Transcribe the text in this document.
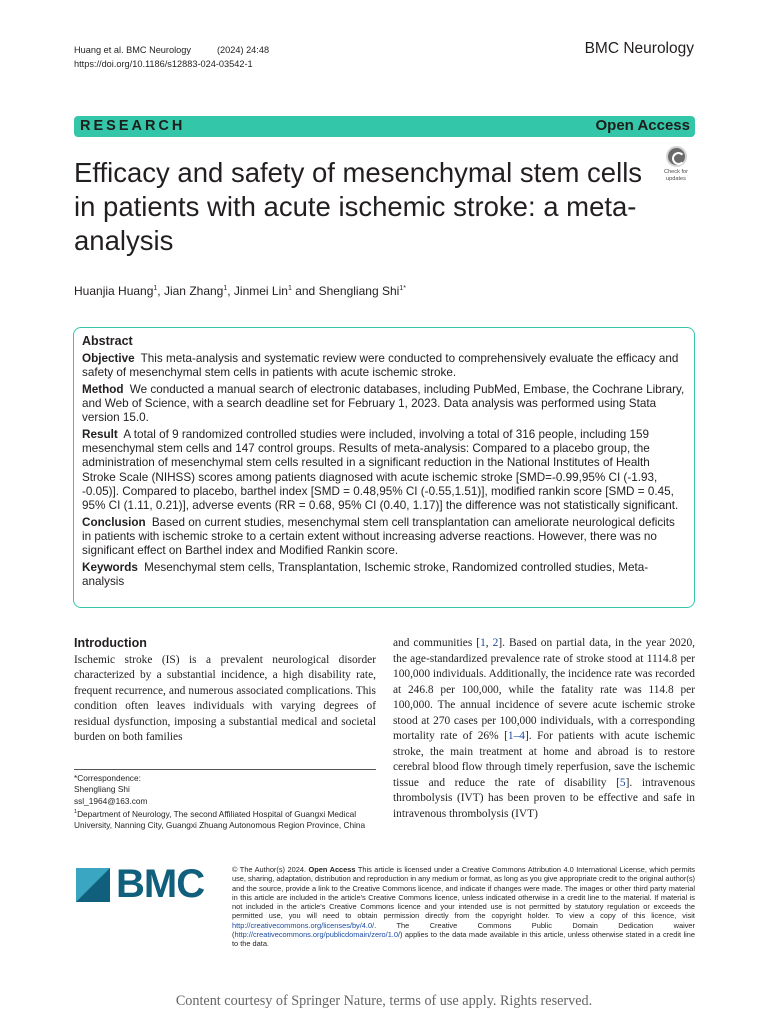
Huang et al. BMC Neurology	(2024) 24:48
https://doi.org/10.1186/s12883-024-03542-1
BMC Neurology
RESEARCH	Open Access
Efficacy and safety of mesenchymal stem cells in patients with acute ischemic stroke: a meta-analysis
Check for
updates
Huanjia Huang$^1$, Jian Zhang$^1$, Jinmei Lin$^1$ and Shengliang Shi$^{1*}$
Abstract

Objective This meta-analysis and systematic review were conducted to comprehensively evaluate the efficacy and safety of mesenchymal stem cells in patients with acute ischemic stroke.

Method We conducted a manual search of electronic databases, including PubMed, Embase, the Cochrane Library, and Web of Science, with a search deadline set for February 1, 2023. Data analysis was performed using Stata version 15.0.

Result A total of 9 randomized controlled studies were included, involving a total of 316 people, including 159 mesenchymal stem cells and 147 control groups. Results of meta-analysis: Compared to a placebo group, the administration of mesenchymal stem cells resulted in a significant reduction in the National Institutes of Health Stroke Scale (NIHSS) scores among patients diagnosed with acute ischemic stroke [SMD=-0.99,95% CI (-1.93, -0.05)]. Compared to placebo, barthel index [SMD = 0.48,95% CI (-0.55,1.51)], modified rankin score [SMD = 0.45, 95% CI (1.11, 0.21)], adverse events (RR = 0.68, 95% CI (0.40, 1.17)] the difference was not statistically significant.

Conclusion Based on current studies, mesenchymal stem cell transplantation can ameliorate neurological deficits in patients with ischemic stroke to a certain extent without increasing adverse reactions. However, there was no significant effect on Barthel index and Modified Rankin score.

Keywords Mesenchymal stem cells, Transplantation, Ischemic stroke, Randomized controlled studies, Meta-analysis

Introduction

Ischemic stroke (IS) is a prevalent neurological disorder characterized by a substantial incidence, a high disability rate, frequent recurrence, and numerous associated complications. This condition often leaves individuals with varying degrees of residual dysfunction, imposing a substantial medical and societal burden on both families

and communities [1, 2]. Based on partial data, in the year 2020, the age-standardized prevalence rate of stroke stood at 1114.8 per 100,000 individuals. Additionally, the incidence rate was recorded at 246.8 per 100,000, while the fatality rate was 114.8 per 100,000. The annual incidence of severe acute ischemic stroke stood at 270 cases per 100,000 individuals, with a corresponding mortality rate of 26% [1–4]. For patients with acute ischemic stroke, the main treatment at home and abroad is to restore cerebral blood flow through timely reperfusion, save the ischemic tissue and reduce the rate of disability [5]. intravenous thrombolysis (IVT) has been proven to be effective and safe in intravenous thrombolysis (IVT)

*Correspondence:
Shengliang Shi
ssl_1964@163.com
$^1$Department of Neurology, The second Affiliated Hospital of Guangxi Medical University, Nanning City, Guangxi Zhuang Autonomous Region Province, China
BMC	© The Author(s) 2024. Open Access This article is licensed under a Creative Commons Attribution 4.0 International License, which permits use, sharing, adaptation, distribution and reproduction in any medium or format, as long as you give appropriate credit to the original author(s) and the source, provide a link to the Creative Commons licence, and indicate if changes were made. The images or other third party material in this article are included in the article's Creative Commons licence, unless indicated otherwise in a credit line to the material. If material is not included in the article's Creative Commons licence and your intended use is not permitted by statutory regulation or exceeds the permitted use, you will need to obtain permission directly from the copyright holder. To view a copy of this licence, visit http://creativecommons.org/licenses/by/4.0/. The Creative Commons Public Domain Dedication waiver (http://creativecommons.org/publicdomain/zero/1.0/) applies to the data made available in this article, unless otherwise stated in a credit line to the data.
Content courtesy of Springer Nature, terms of use apply. Rights reserved.
